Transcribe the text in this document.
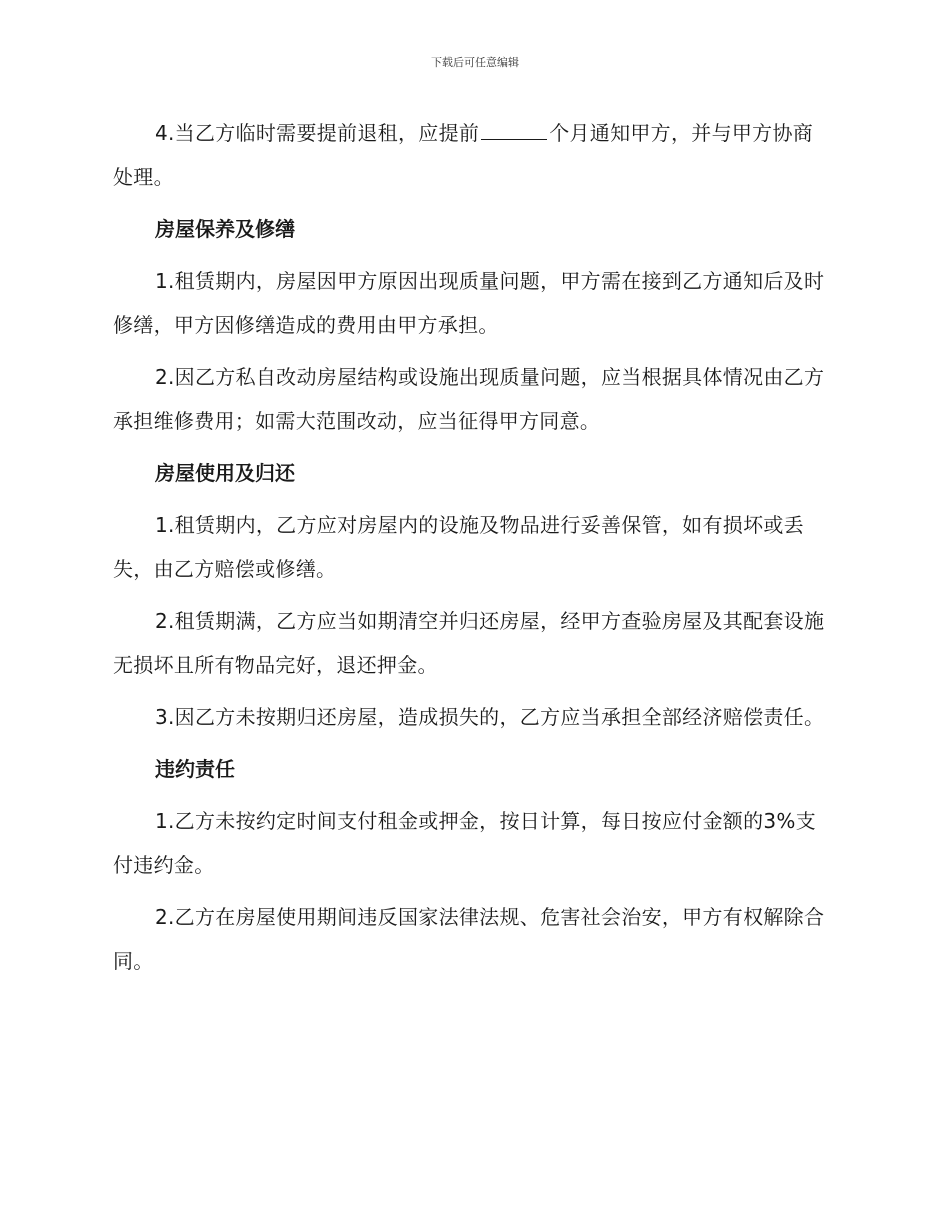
下载后可任意编辑

4.当乙方临时需要提前退租，应提前	个月通知甲方，并与甲方协商处理。

房屋保养及修缮

1.租赁期内，房屋因甲方原因出现质量问题，甲方需在接到乙方通知后及时修缮，甲方因修缮造成的费用由甲方承担。

2.因乙方私自改动房屋结构或设施出现质量问题，应当根据具体情况由乙方承担维修费用；如需大范围改动，应当征得甲方同意。

房屋使用及归还

1.租赁期内，乙方应对房屋内的设施及物品进行妥善保管，如有损坏或丢失，由乙方赔偿或修缮。

2.租赁期满，乙方应当如期清空并归还房屋，经甲方查验房屋及其配套设施无损坏且所有物品完好，退还押金。

3.因乙方未按期归还房屋，造成损失的，乙方应当承担全部经济赔偿责任。

违约责任

1.乙方未按约定时间支付租金或押金，按日计算，每日按应付金额的3%支付违约金。

2.乙方在房屋使用期间违反国家法律法规、危害社会治安，甲方有权解除合同。
